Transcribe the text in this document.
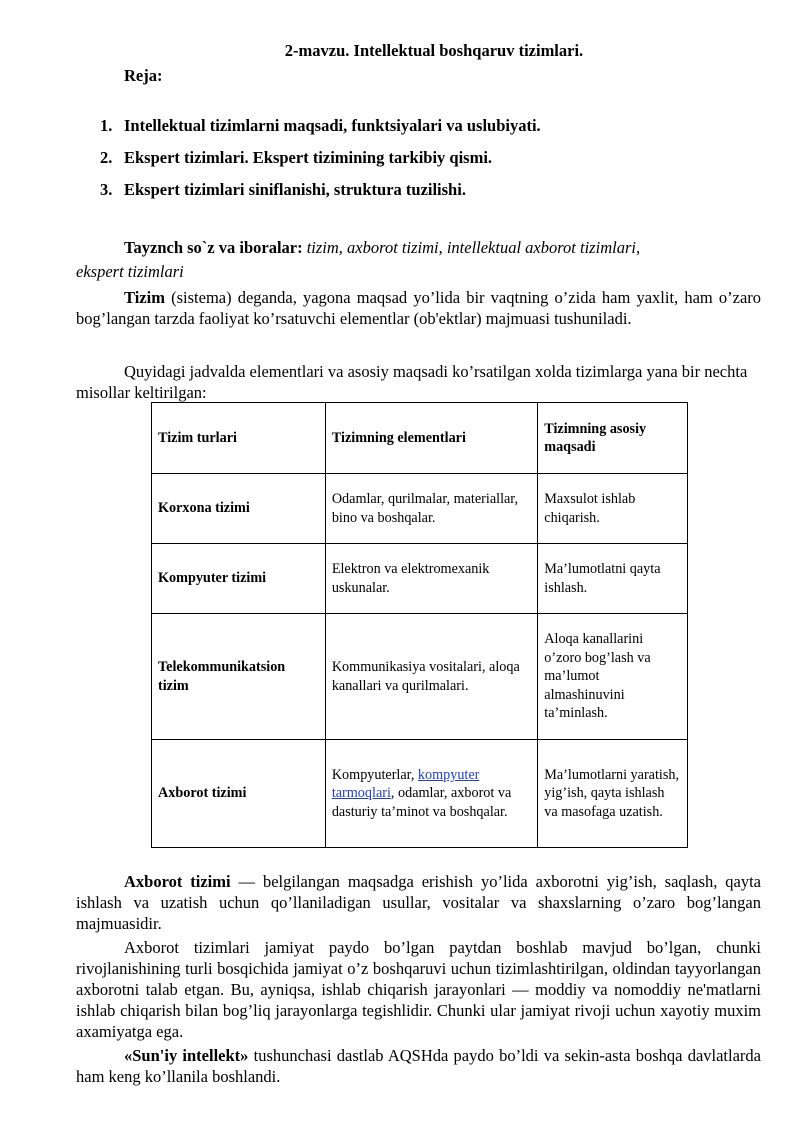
2-mavzu. Intellektual boshqaruv tizimlari.
Reja:
1. Intellektual tizimlarni maqsadi, funktsiyalari va uslubiyati.
2. Ekspert tizimlari. Ekspert tizimining tarkibiy qismi.
3. Ekspert tizimlari siniflanishi, struktura tuzilishi.
Tayznch so`z va iboralar: tizim, axborot tizimi, intellektual axborot tizimlari,
ekspert tizimlari
Tizim (sistema) deganda, yagona maqsad yo’lida bir vaqtning o’zida ham yaxlit, ham o’zaro bog’langan tarzda faoliyat ko’rsatuvchi elementlar (ob'ektlar) majmuasi tushuniladi.
Quyidagi jadvalda elementlari va asosiy maqsadi ko’rsatilgan xolda tizimlarga yana bir nechta misollar keltirilgan:
Tizim turlari	Tizimning elementlari	Tizimning asosiy maqsadi
Korxona tizimi	Odamlar, qurilmalar, materiallar, bino va boshqalar.	Maxsulot ishlab chiqarish.
Kompyuter tizimi	Elektron va elektromexanik uskunalar.	Ma’lumotlatni qayta ishlash.
Telekommunikatsion tizim	Kommunikasiya vositalari, aloqa kanallari va qurilmalari.	Aloqa kanallarini o’zoro bog’lash va ma’lumot almashinuvini ta’minlash.
Axborot tizimi	Kompyuterlar, kompyuter tarmoqlari, odamlar, axborot va dasturiy ta’minot va boshqalar.	Ma’lumotlarni yaratish, yig’ish, qayta ishlash va masofaga uzatish.
Axborot tizimi — belgilangan maqsadga erishish yo’lida axborotni yig’ish, saqlash, qayta ishlash va uzatish uchun qo’llaniladigan usullar, vositalar va shaxslarning o’zaro bog’langan majmuasidir.
Axborot tizimlari jamiyat paydo bo’lgan paytdan boshlab mavjud bo’lgan, chunki rivojlanishining turli bosqichida jamiyat o’z boshqaruvi uchun tizimlashtirilgan, oldindan tayyorlangan axborotni talab etgan. Bu, ayniqsa, ishlab chiqarish jarayonlari — moddiy va nomoddiy ne'matlarni ishlab chiqarish bilan bog’liq jarayonlarga tegishlidir. Chunki ular jamiyat rivoji uchun xayotiy muxim axamiyatga ega.
«Sun'iy intellekt» tushunchasi dastlab AQSHda paydo bo’ldi va sekin-asta boshqa davlatlarda ham keng ko’llanila boshlandi.
